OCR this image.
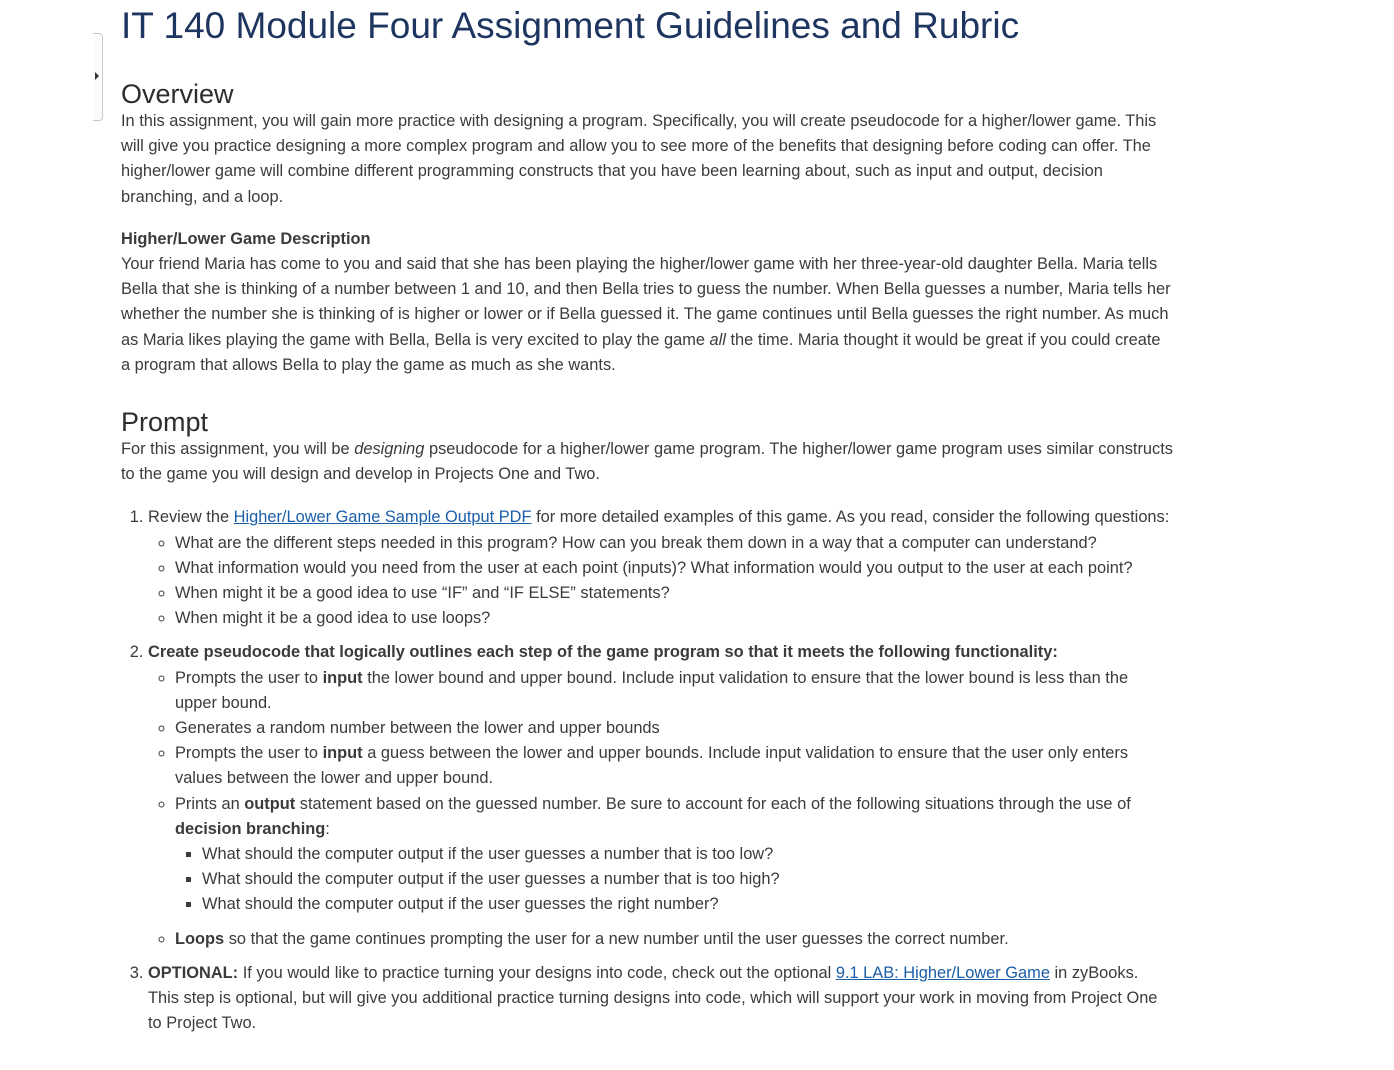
IT 140 Module Four Assignment Guidelines and Rubric
Overview

In this assignment, you will gain more practice with designing a program. Specifically, you will create pseudocode for a higher/lower game. This will give you practice designing a more complex program and allow you to see more of the benefits that designing before coding can offer. The higher/lower game will combine different programming constructs that you have been learning about, such as input and output, decision branching, and a loop.

Higher/Lower Game Description

Your friend Maria has come to you and said that she has been playing the higher/lower game with her three-year-old daughter Bella. Maria tells Bella that she is thinking of a number between 1 and 10, and then Bella tries to guess the number. When Bella guesses a number, Maria tells her whether the number she is thinking of is higher or lower or if Bella guessed it. The game continues until Bella guesses the right number. As much as Maria likes playing the game with Bella, Bella is very excited to play the game all the time. Maria thought it would be great if you could create a program that allows Bella to play the game as much as she wants.

Prompt

For this assignment, you will be designing pseudocode for a higher/lower game program. The higher/lower game program uses similar constructs to the game you will design and develop in Projects One and Two.

1. Review the Higher/Lower Game Sample Output PDF for more detailed examples of this game. As you read, consider the following questions:
◦ What are the different steps needed in this program? How can you break them down in a way that a computer can understand?
◦ What information would you need from the user at each point (inputs)? What information would you output to the user at each point?
◦ When might it be a good idea to use “IF” and “IF ELSE” statements?
◦ When might it be a good idea to use loops?
2. Create pseudocode that logically outlines each step of the game program so that it meets the following functionality:
◦ Prompts the user to input the lower bound and upper bound. Include input validation to ensure that the lower bound is less than the upper bound.
◦ Generates a random number between the lower and upper bounds
◦ Prompts the user to input a guess between the lower and upper bounds. Include input validation to ensure that the user only enters values between the lower and upper bound.
◦ Prints an output statement based on the guessed number. Be sure to account for each of the following situations through the use of decision branching:
▪ What should the computer output if the user guesses a number that is too low?
▪ What should the computer output if the user guesses a number that is too high?
▪ What should the computer output if the user guesses the right number?
◦ Loops so that the game continues prompting the user for a new number until the user guesses the correct number.
3. OPTIONAL: If you would like to practice turning your designs into code, check out the optional 9.1 LAB: Higher/Lower Game in zyBooks. This step is optional, but will give you additional practice turning designs into code, which will support your work in moving from Project One to Project Two.
